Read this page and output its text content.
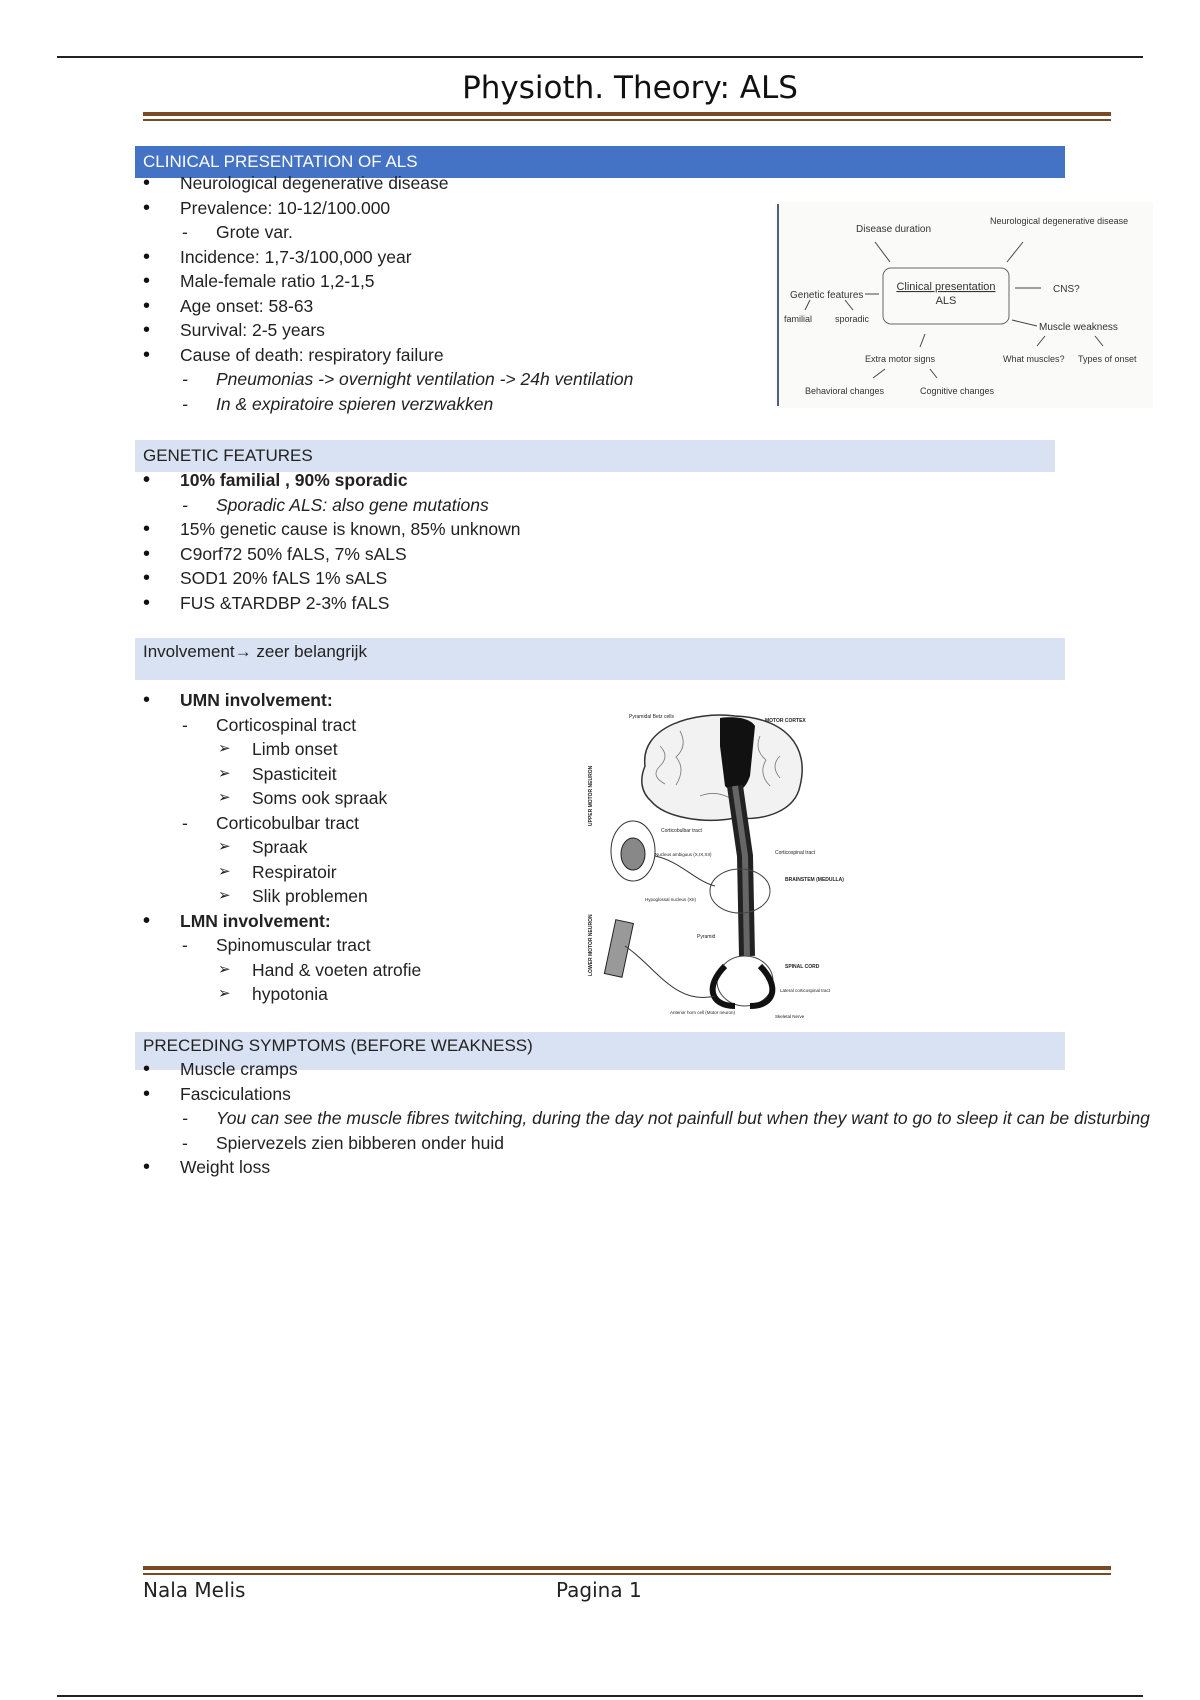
Physioth. Theory: ALS
CLINICAL PRESENTATION OF ALS
• Neurological degenerative disease
• Prevalence: 10-12/100.000
- Grote var.
• Incidence: 1,7-3/100,000 year
• Male-female ratio 1,2-1,5
• Age onset: 58-63
• Survival: 2-5 years
• Cause of death: respiratory failure
- Pneumonias -> overnight ventilation -> 24h ventilation
- In & expiratoire spieren verzwakken
Clinical presentation
ALS
Disease duration
Neurological degenerative disease
CNS?
Muscle weakness
What muscles? Types of onset
Genetic features
familial	sporadic
Extra motor signs
Behavioral changes	Cognitive changes
GENETIC FEATURES
• 10% familial , 90% sporadic
- Sporadic ALS: also gene mutations
• 15% genetic cause is known, 85% unknown
• C9orf72 50% fALS, 7% sALS
• SOD1 20% fALS 1% sALS
• FUS &TARDBP 2-3% fALS
Involvement→ zeer belangrijk
• UMN involvement:
- Corticospinal tract
➢ Limb onset
➢ Spasticiteit
➢ Soms ook spraak
- Corticobulbar tract
➢ Spraak
➢ Respiratoir
➢ Slik problemen
• LMN involvement:
- Spinomuscular tract
➢ Hand & voeten atrofie
➢ hypotonia
UPPER MOTOR NEURON
LOWER MOTOR NEURON
Pyramidal Betz cells
MOTOR CORTEX
Corticobulbar tract
Nucleus ambiguus (X,IX,XII)	Corticospinal tract
BRAINSTEM (MEDULLA)
Hypoglossal nucleus (XII)
Pyramid
SPINAL CORD
Lateral corticospinal tract
Anterior horn cell (Motor neuron)
Skeletal Nerve
PRECEDING SYMPTOMS (BEFORE WEAKNESS)
• Muscle cramps
• Fasciculations
- You can see the muscle fibres twitching, during the day not painfull but when they want to go to sleep it can be disturbing
- Spiervezels zien bibberen onder huid
• Weight loss
Nala Melis	Pagina 1
